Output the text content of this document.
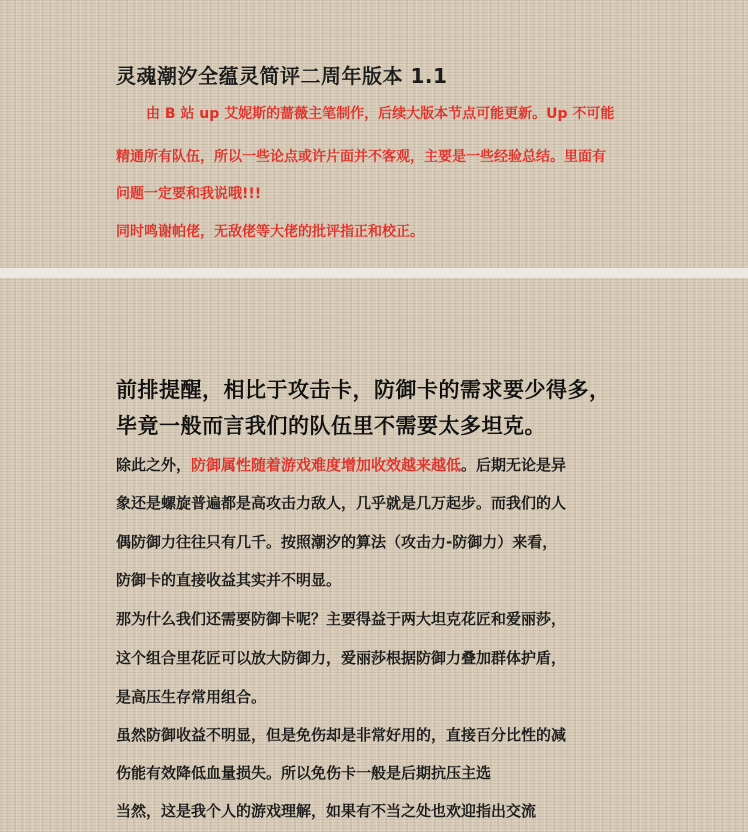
灵魂潮汐全蕴灵简评二周年版本 1.1
由 B 站 up 艾妮斯的蔷薇主笔制作，后续大版本节点可能更新。Up 不可能
精通所有队伍，所以一些论点或许片面并不客观，主要是一些经验总结。里面有
问题一定要和我说哦!!!
同时鸣谢帕佬，无敌佬等大佬的批评指正和校正。
前排提醒，相比于攻击卡，防御卡的需求要少得多，
毕竟一般而言我们的队伍里不需要太多坦克。
除此之外，防御属性随着游戏难度增加收效越来越低。后期无论是异
象还是螺旋普遍都是高攻击力敌人，几乎就是几万起步。而我们的人
偶防御力往往只有几千。按照潮汐的算法（攻击力-防御力）来看，
防御卡的直接收益其实并不明显。
那为什么我们还需要防御卡呢？主要得益于两大坦克花匠和爱丽莎，
这个组合里花匠可以放大防御力，爱丽莎根据防御力叠加群体护盾，
是高压生存常用组合。
虽然防御收益不明显，但是免伤却是非常好用的，直接百分比性的减
伤能有效降低血量损失。所以免伤卡一般是后期抗压主选
当然，这是我个人的游戏理解，如果有不当之处也欢迎指出交流
